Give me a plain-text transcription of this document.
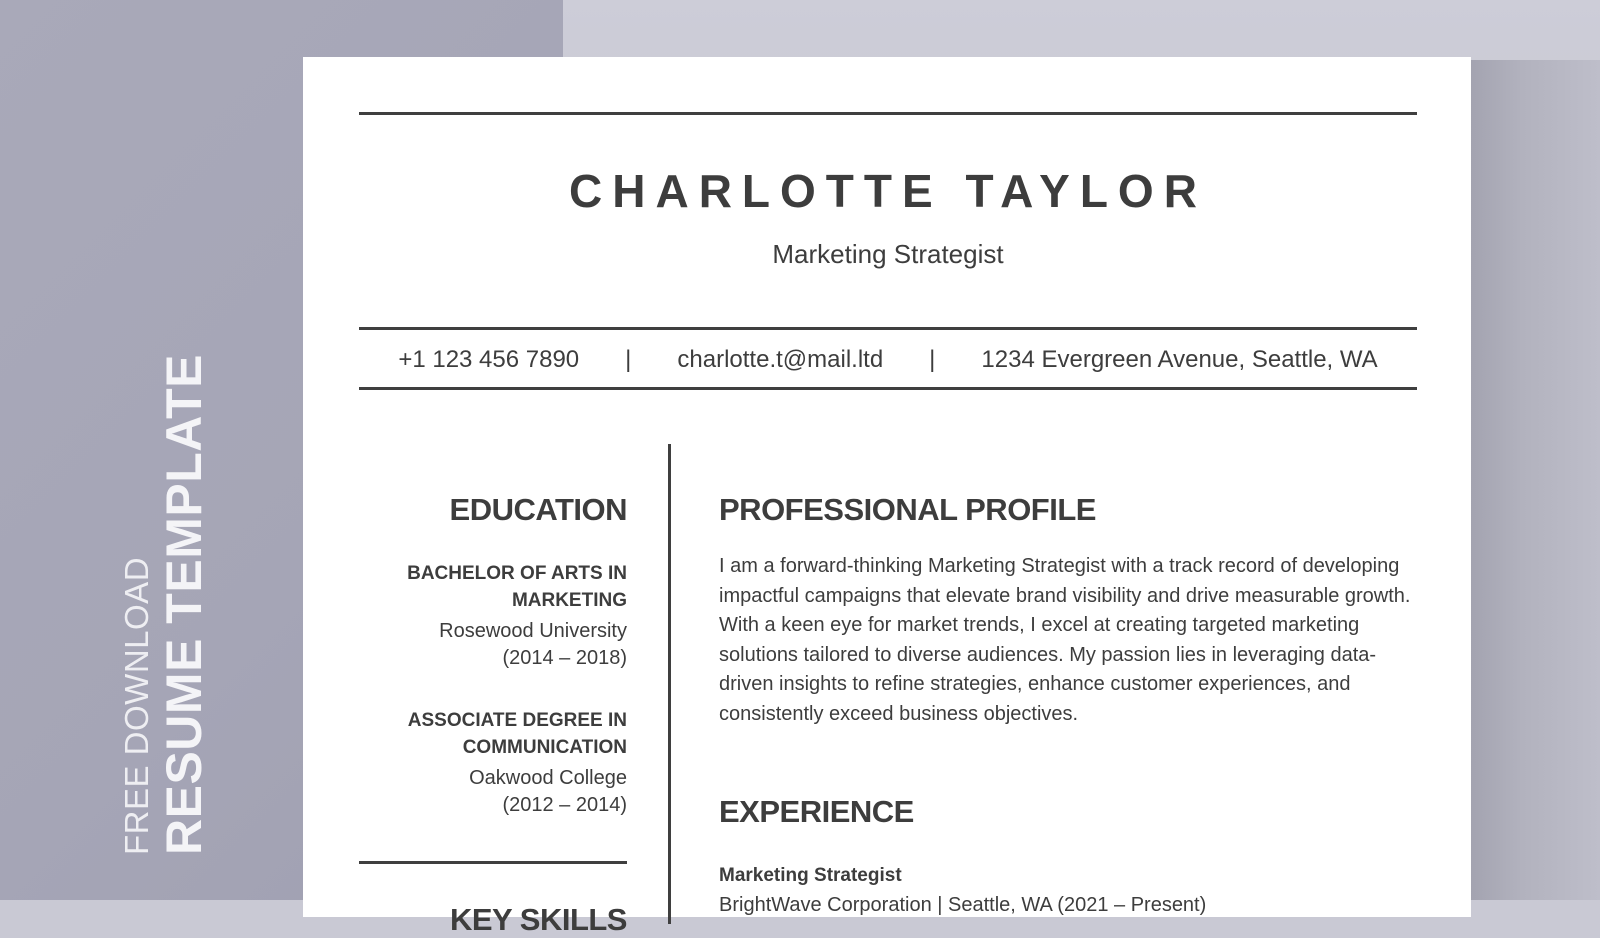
FREE DOWNLOAD RESUME TEMPLATE
CHARLOTTE TAYLOR
Marketing Strategist
+1 123 456 7890 | charlotte.t@mail.ltd | 1234 Evergreen Avenue, Seattle, WA
EDUCATION
BACHELOR OF ARTS IN
MARKETING
Rosewood University
(2014 – 2018)
ASSOCIATE DEGREE IN
COMMUNICATION
Oakwood College
(2012 – 2014)
KEY SKILLS
PROFESSIONAL PROFILE
I am a forward-thinking Marketing Strategist with a track record of developing impactful campaigns that elevate brand visibility and drive measurable growth. With a keen eye for market trends, I excel at creating targeted marketing solutions tailored to diverse audiences. My passion lies in leveraging data-driven insights to refine strategies, enhance customer experiences, and consistently exceed business objectives.
EXPERIENCE
Marketing Strategist
BrightWave Corporation | Seattle, WA (2021 – Present)
